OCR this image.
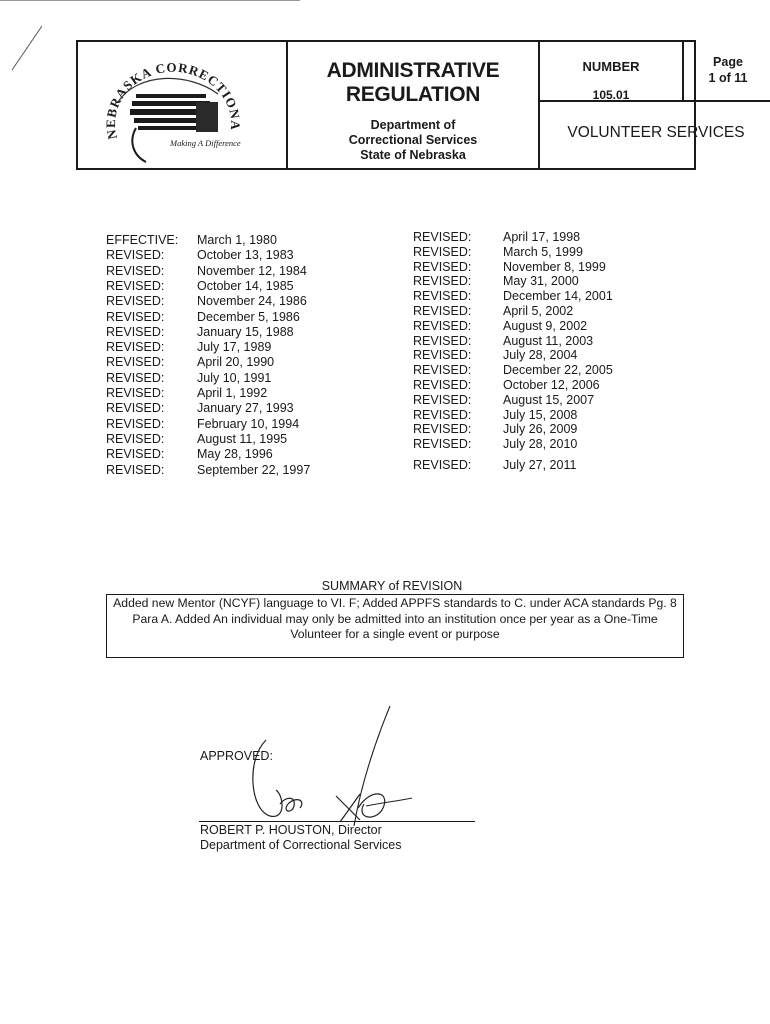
NEBRASKA CORRECTIONA
Making A Difference
ADMINISTRATIVE
REGULATION
Department of
Correctional Services
State of Nebraska
NUMBER
105.01
Page
1 of 11
VOLUNTEER SERVICES
EFFECTIVE: March 1, 1980
REVISED:	October 13, 1983
REVISED:	November 12, 1984
REVISED:	October 14, 1985
REVISED:	November 24, 1986
REVISED:	December 5, 1986
REVISED:	January 15, 1988
REVISED:	July 17, 1989
REVISED:	April 20, 1990
REVISED:	July 10, 1991
REVISED:	April 1, 1992
REVISED:	January 27, 1993
REVISED:	February 10, 1994
REVISED:	August 11, 1995
REVISED:	May 28, 1996
REVISED:	September 22, 1997
REVISED:	April 17, 1998
REVISED:	March 5, 1999
REVISED:	November 8, 1999
REVISED:	May 31, 2000
REVISED:	December 14, 2001
REVISED:	April 5, 2002
REVISED:	August 9, 2002
REVISED:	August 11, 2003
REVISED:	July 28, 2004
REVISED:	December 22, 2005
REVISED:	October 12, 2006
REVISED:	August 15, 2007
REVISED:	July 15, 2008
REVISED:	July 26, 2009
REVISED:	July 28, 2010
REVISED:	July 27, 2011
SUMMARY of REVISION
Added new Mentor (NCYF) language to VI. F; Added APPFS standards to C. under ACA standards Pg. 8 Para A. Added An individual may only be admitted into an institution once per year as a One-Time Volunteer for a single event or purpose
APPROVED:
ROBERT P. HOUSTON, Director
Department of Correctional Services
